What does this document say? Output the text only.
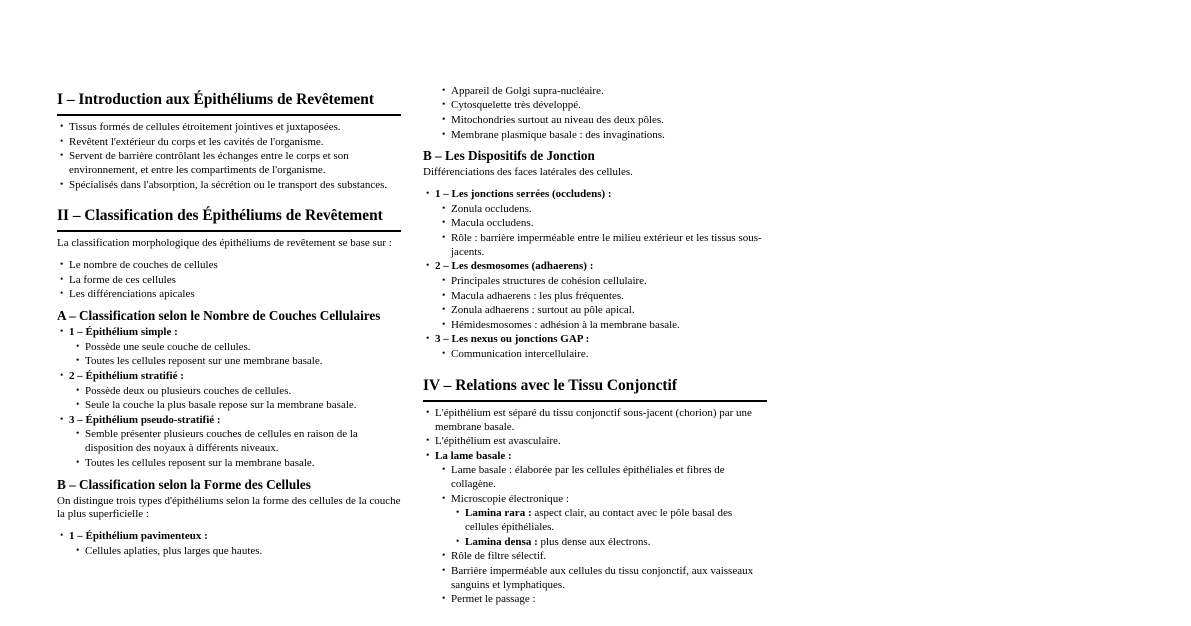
I – Introduction aux Épithéliums de Revêtement
• Tissus formés de cellules étroitement jointives et juxtaposées.
• Revêtent l'extérieur du corps et les cavités de l'organisme.
• Servent de barrière contrôlant les échanges entre le corps et son environnement, et entre les compartiments de l'organisme.
• Spécialisés dans l'absorption, la sécrétion ou le transport des substances.
II – Classification des Épithéliums de Revêtement

La classification morphologique des épithéliums de revêtement se base sur :

• Le nombre de couches de cellules
• La forme de ces cellules
• Les différenciations apicales
A – Classification selon le Nombre de Couches Cellulaires
• 1 – Épithélium simple :
• Possède une seule couche de cellules.
• Toutes les cellules reposent sur une membrane basale.
• 2 – Épithélium stratifié :
• Possède deux ou plusieurs couches de cellules.
• Seule la couche la plus basale repose sur la membrane basale.
• 3 – Épithélium pseudo-stratifié :
• Semble présenter plusieurs couches de cellules en raison de la disposition des noyaux à différents niveaux.
• Toutes les cellules reposent sur la membrane basale.
B – Classification selon la Forme des Cellules

On distingue trois types d'épithéliums selon la forme des cellules de la couche la plus superficielle :

• 1 – Épithélium pavimenteux :
• Cellules aplaties, plus larges que hautes.
• Appareil de Golgi supra-nucléaire.
• Cytosquelette très développé.
• Mitochondries surtout au niveau des deux pôles.
• Membrane plasmique basale : des invaginations.
B – Les Dispositifs de Jonction

Différenciations des faces latérales des cellules.

• 1 – Les jonctions serrées (occludens) :
• Zonula occludens.
• Macula occludens.
• Rôle : barrière imperméable entre le milieu extérieur et les tissus sous-jacents.
• 2 – Les desmosomes (adhaerens) :
• Principales structures de cohésion cellulaire.
• Macula adhaerens : les plus fréquentes.
• Zonula adhaerens : surtout au pôle apical.
• Hémidesmosomes : adhésion à la membrane basale.
• 3 – Les nexus ou jonctions GAP :
• Communication intercellulaire.
IV – Relations avec le Tissu Conjonctif
• L'épithélium est séparé du tissu conjonctif sous-jacent (chorion) par une membrane basale.
• L'épithélium est avasculaire.
• La lame basale :
• Lame basale : élaborée par les cellules épithéliales et fibres de collagène.
• Microscopie électronique :
• Lamina rara : aspect clair, au contact avec le pôle basal des cellules épithéliales.
• Lamina densa : plus dense aux électrons.
• Rôle de filtre sélectif.
• Barrière imperméable aux cellules du tissu conjonctif, aux vaisseaux sanguins et lymphatiques.
• Permet le passage :
